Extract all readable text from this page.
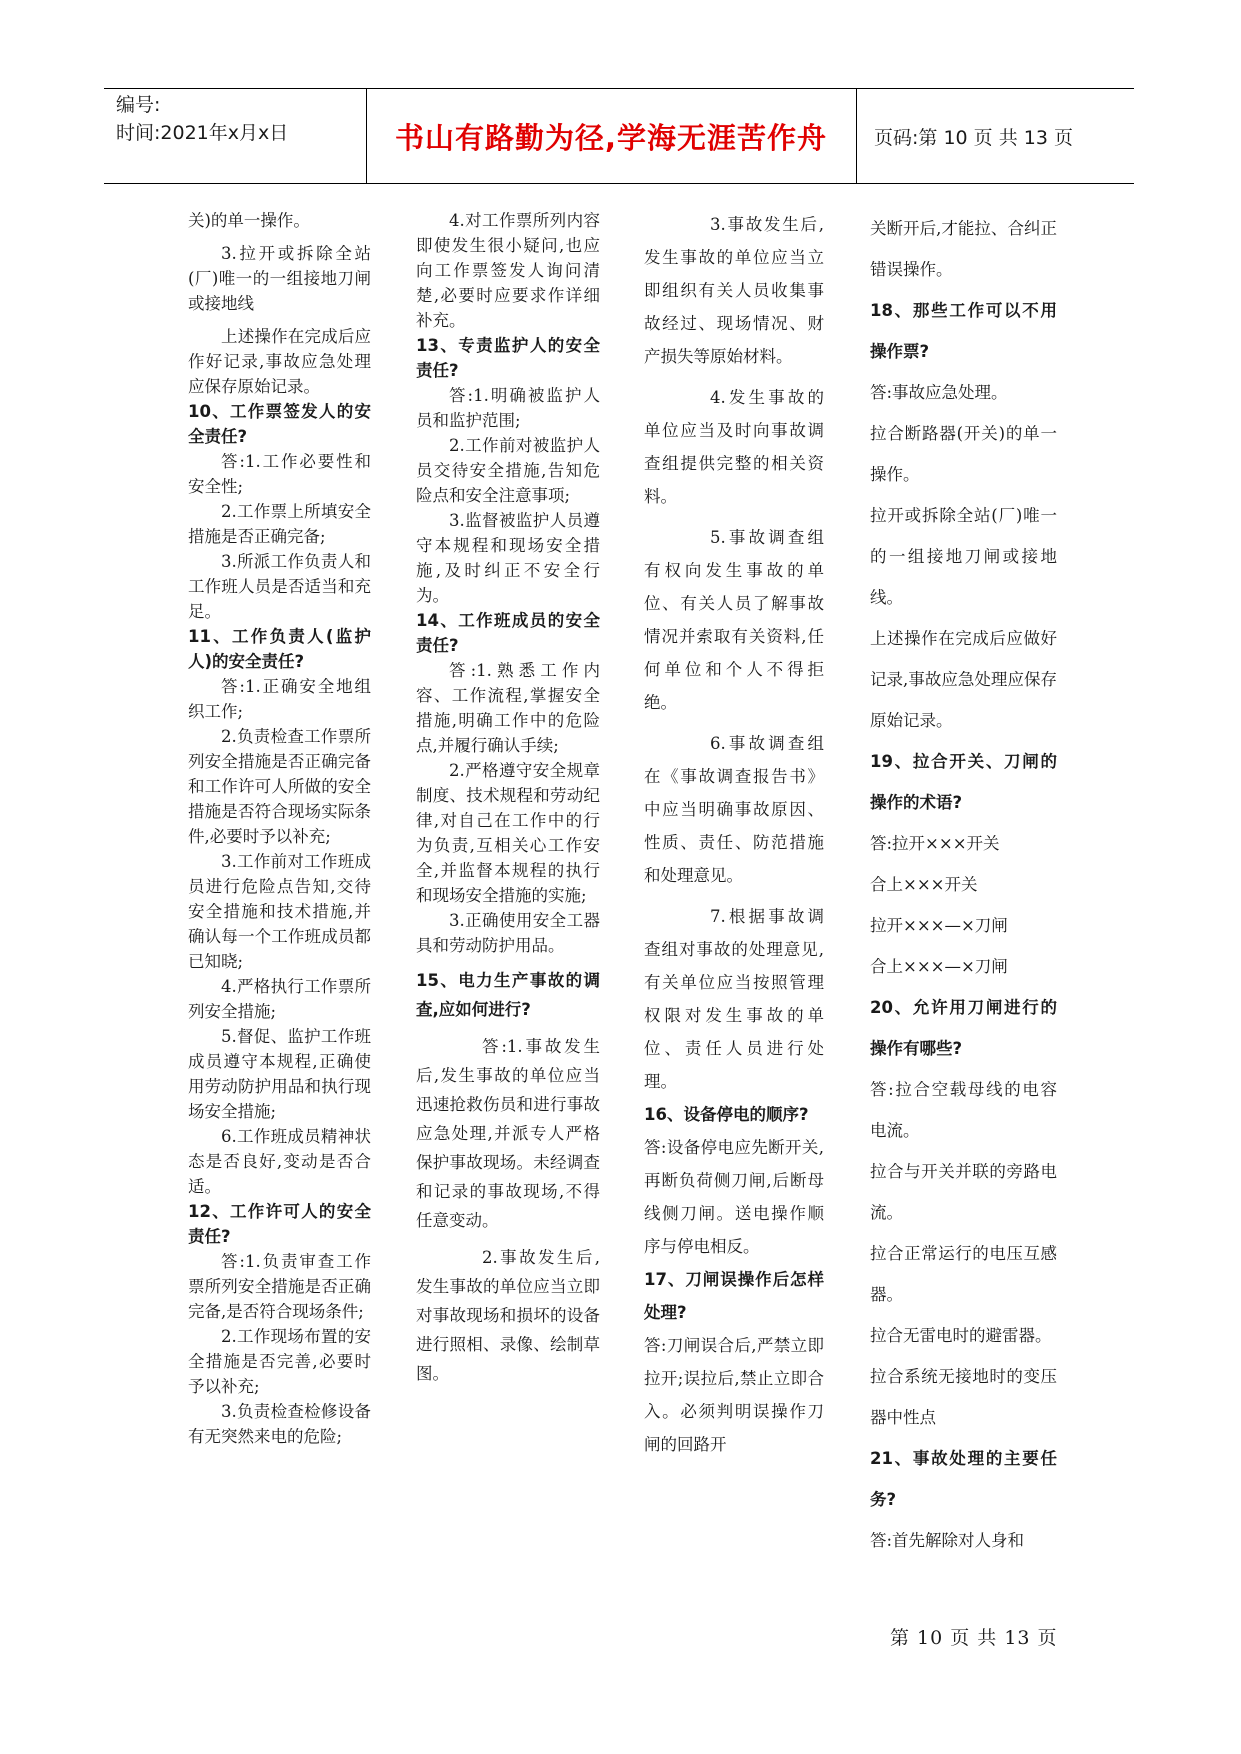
编号:
时间:2021年x月x日	书山有路勤为径,学海无涯苦作舟	页码:第 10 页 共 13 页

关)的单一操作。

3.拉开或拆除全站(厂)唯一的一组接地刀闸或接地线

上述操作在完成后应作好记录,事故应急处理应保存原始记录。

10、工作票签发人的安全责任?

答:1.工作必要性和安全性;

2.工作票上所填安全措施是否正确完备;

3.所派工作负责人和工作班人员是否适当和充足。

11、工作负责人(监护人)的安全责任?

答:1.正确安全地组织工作;

2.负责检查工作票所列安全措施是否正确完备和工作许可人所做的安全措施是否符合现场实际条件,必要时予以补充;

3.工作前对工作班成员进行危险点告知,交待安全措施和技术措施,并确认每一个工作班成员都已知晓;

4.严格执行工作票所列安全措施;

5.督促、监护工作班成员遵守本规程,正确使用劳动防护用品和执行现场安全措施;

6.工作班成员精神状态是否良好,变动是否合适。

12、工作许可人的安全责任?

答:1.负责审查工作票所列安全措施是否正确完备,是否符合现场条件;

2.工作现场布置的安全措施是否完善,必要时予以补充;

3.负责检查检修设备有无突然来电的危险;

4.对工作票所列内容即使发生很小疑问,也应向工作票签发人询问清楚,必要时应要求作详细补充。

13、专责监护人的安全责任?

答:1.明确被监护人员和监护范围;

2.工作前对被监护人员交待安全措施,告知危险点和安全注意事项;

3.监督被监护人员遵守本规程和现场安全措施,及时纠正不安全行为。

14、工作班成员的安全责任?

答:1.熟悉工作内容、工作流程,掌握安全措施,明确工作中的危险点,并履行确认手续;

2.严格遵守安全规章制度、技术规程和劳动纪律,对自己在工作中的行为负责,互相关心工作安全,并监督本规程的执行和现场安全措施的实施;

3.正确使用安全工器具和劳动防护用品。

15、电力生产事故的调查,应如何进行?

答:1.事故发生后,发生事故的单位应当迅速抢救伤员和进行事故应急处理,并派专人严格保护事故现场。未经调查和记录的事故现场,不得任意变动。

2.事故发生后,发生事故的单位应当立即对事故现场和损坏的设备进行照相、录像、绘制草图。

3.事故发生后,发生事故的单位应当立即组织有关人员收集事故经过、现场情况、财产损失等原始材料。

4.发生事故的单位应当及时向事故调查组提供完整的相关资料。

5.事故调查组有权向发生事故的单位、有关人员了解事故情况并索取有关资料,任何单位和个人不得拒绝。

6.事故调查组在《事故调查报告书》中应当明确事故原因、性质、责任、防范措施和处理意见。

7.根据事故调查组对事故的处理意见,有关单位应当按照管理权限对发生事故的单位、责任人员进行处理。

16、设备停电的顺序?

答:设备停电应先断开关,再断负荷侧刀闸,后断母线侧刀闸。送电操作顺序与停电相反。

17、刀闸误操作后怎样处理?

答:刀闸误合后,严禁立即拉开;误拉后,禁止立即合入。必须判明误操作刀闸的回路开

关断开后,才能拉、合纠正错误操作。

18、那些工作可以不用操作票?

答:事故应急处理。

拉合断路器(开关)的单一操作。

拉开或拆除全站(厂)唯一的一组接地刀闸或接地线。

上述操作在完成后应做好记录,事故应急处理应保存原始记录。

19、拉合开关、刀闸的操作的术语?

答:拉开×××开关

合上×××开关

拉开×××—×刀闸

合上×××—×刀闸

20、允许用刀闸进行的操作有哪些?

答:拉合空载母线的电容电流。

拉合与开关并联的旁路电流。

拉合正常运行的电压互感器。

拉合无雷电时的避雷器。

拉合系统无接地时的变压器中性点

21、事故处理的主要任务?

答:首先解除对人身和

第 10 页 共 13 页
